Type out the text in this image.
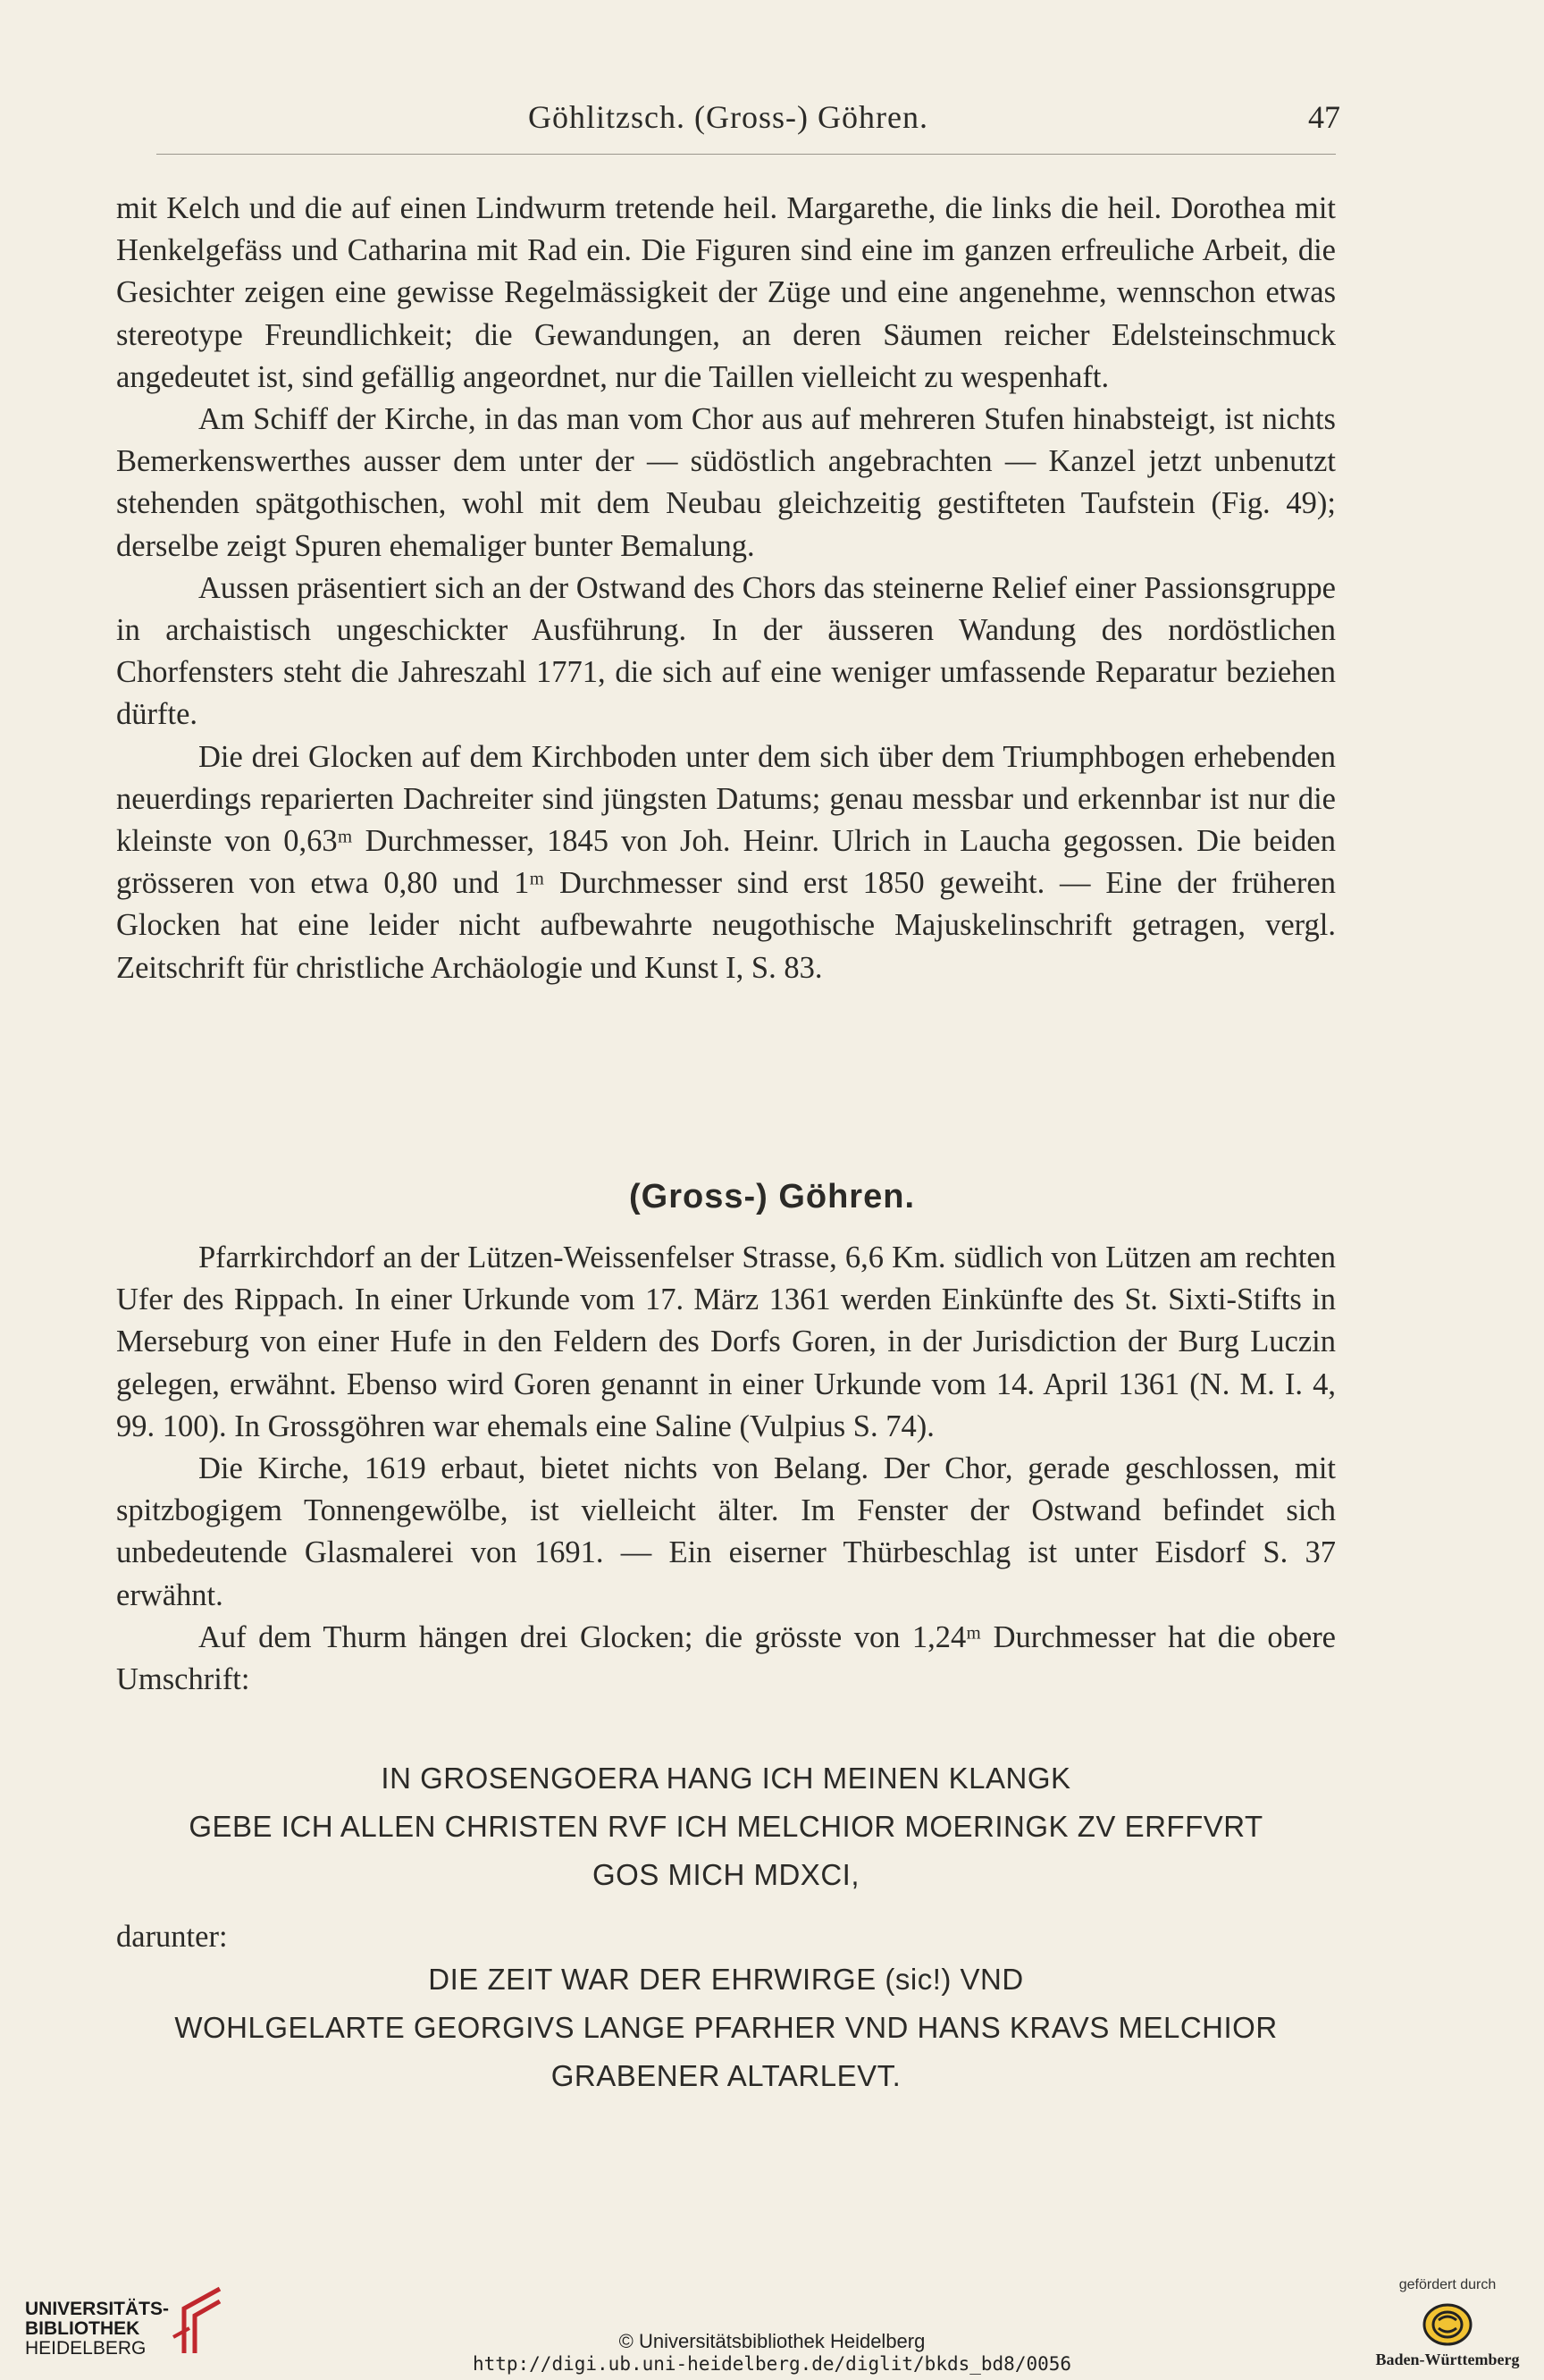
Göhlitzsch. (Gross-) Göhren.	47

mit Kelch und die auf einen Lindwurm tretende heil. Margarethe, die links die heil. Dorothea mit Henkelgefäss und Catharina mit Rad ein. Die Figuren sind eine im ganzen erfreuliche Arbeit, die Gesichter zeigen eine gewisse Regelmässigkeit der Züge und eine angenehme, wennschon etwas stereotype Freundlichkeit; die Gewandungen, an deren Säumen reicher Edelsteinschmuck angedeutet ist, sind gefällig angeordnet, nur die Taillen vielleicht zu wespenhaft.

Am Schiff der Kirche, in das man vom Chor aus auf mehreren Stufen hinabsteigt, ist nichts Bemerkenswerthes ausser dem unter der — südöstlich angebrachten — Kanzel jetzt unbenutzt stehenden spätgothischen, wohl mit dem Neubau gleichzeitig gestifteten Taufstein (Fig. 49); derselbe zeigt Spuren ehemaliger bunter Bemalung.

Aussen präsentiert sich an der Ostwand des Chors das steinerne Relief einer Passionsgruppe in archaistisch ungeschickter Ausführung. In der äusseren Wandung des nordöstlichen Chorfensters steht die Jahreszahl 1771, die sich auf eine weniger umfassende Reparatur beziehen dürfte.

Die drei Glocken auf dem Kirchboden unter dem sich über dem Triumphbogen erhebenden neuerdings reparierten Dachreiter sind jüngsten Datums; genau messbar und erkennbar ist nur die kleinste von 0,63ᵐ Durchmesser, 1845 von Joh. Heinr. Ulrich in Laucha gegossen. Die beiden grösseren von etwa 0,80 und 1ᵐ Durchmesser sind erst 1850 geweiht. — Eine der früheren Glocken hat eine leider nicht aufbewahrte neugothische Majuskelinschrift getragen, vergl. Zeitschrift für christliche Archäologie und Kunst I, S. 83.

(Gross-) Göhren.

Pfarrkirchdorf an der Lützen-Weissenfelser Strasse, 6,6 Km. südlich von Lützen am rechten Ufer des Rippach. In einer Urkunde vom 17. März 1361 werden Einkünfte des St. Sixti-Stifts in Merseburg von einer Hufe in den Feldern des Dorfs Goren, in der Jurisdiction der Burg Luczin gelegen, erwähnt. Ebenso wird Goren genannt in einer Urkunde vom 14. April 1361 (N. M. I. 4, 99. 100). In Grossgöhren war ehemals eine Saline (Vulpius S. 74).

Die Kirche, 1619 erbaut, bietet nichts von Belang. Der Chor, gerade geschlossen, mit spitzbogigem Tonnengewölbe, ist vielleicht älter. Im Fenster der Ostwand befindet sich unbedeutende Glasmalerei von 1691. — Ein eiserner Thürbeschlag ist unter Eisdorf S. 37 erwähnt.

Auf dem Thurm hängen drei Glocken; die grösste von 1,24ᵐ Durchmesser hat die obere Umschrift:

IN GROSENGOERA HANG ICH MEINEN KLANGK
GEBE ICH ALLEN CHRISTEN RVF ICH MELCHIOR MOERINGK ZV ERFFVRT
GOS MICH MDXCI,
darunter:
DIE ZEIT WAR DER EHRWIRGE (sic!) VND
WOHLGELARTE GEORGIVS LANGE PFARHER VND HANS KRAVS MELCHIOR
GRABENER ALTARLEVT.
UNIVERSITÄTS-
BIBLIOTHEK
HEIDELBERG	© Universitätsbibliothek Heidelberg
http://digi.ub.uni-heidelberg.de/diglit/bkds_bd8/0056
gefördert durch
Baden-Württemberg
